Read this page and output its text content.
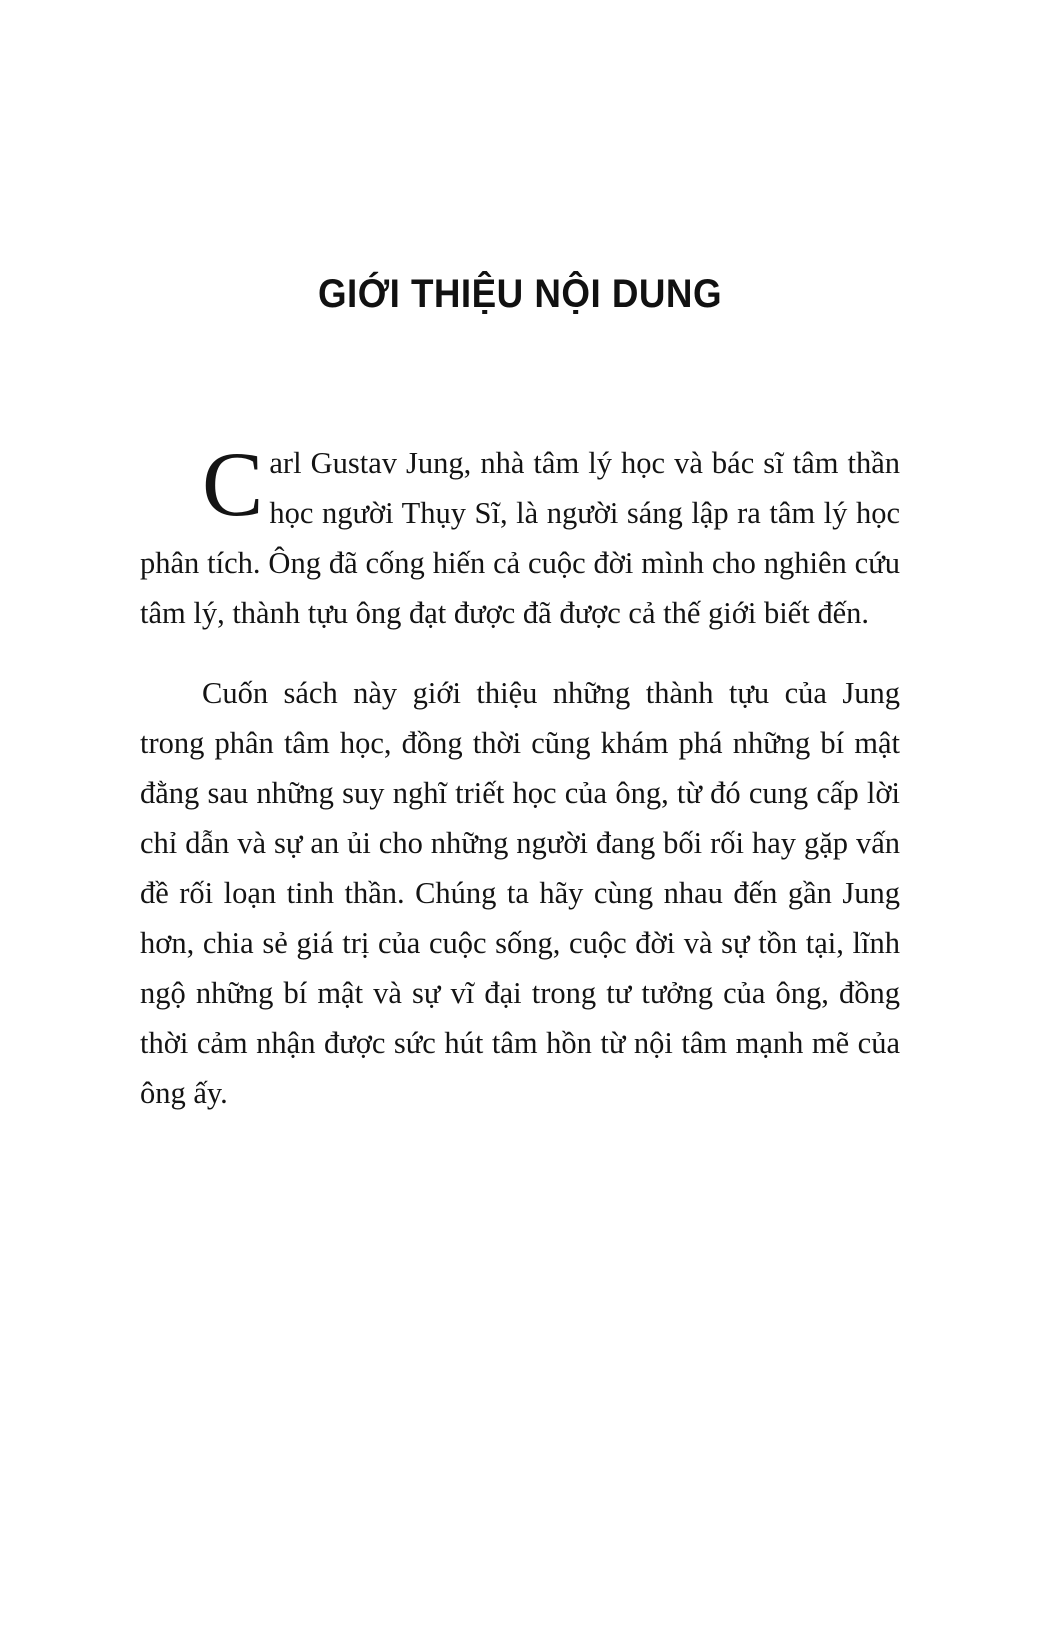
GIỚI THIỆU NỘI DUNG

Carl Gustav Jung, nhà tâm lý học và bác sĩ tâm thần học người Thụy Sĩ, là người sáng lập ra tâm lý học phân tích. Ông đã cống hiến cả cuộc đời mình cho nghiên cứu tâm lý, thành tựu ông đạt được đã được cả thế giới biết đến.

Cuốn sách này giới thiệu những thành tựu của Jung trong phân tâm học, đồng thời cũng khám phá những bí mật đằng sau những suy nghĩ triết học của ông, từ đó cung cấp lời chỉ dẫn và sự an ủi cho những người đang bối rối hay gặp vấn đề rối loạn tinh thần. Chúng ta hãy cùng nhau đến gần Jung hơn, chia sẻ giá trị của cuộc sống, cuộc đời và sự tồn tại, lĩnh ngộ những bí mật và sự vĩ đại trong tư tưởng của ông, đồng thời cảm nhận được sức hút tâm hồn từ nội tâm mạnh mẽ của ông ấy.
